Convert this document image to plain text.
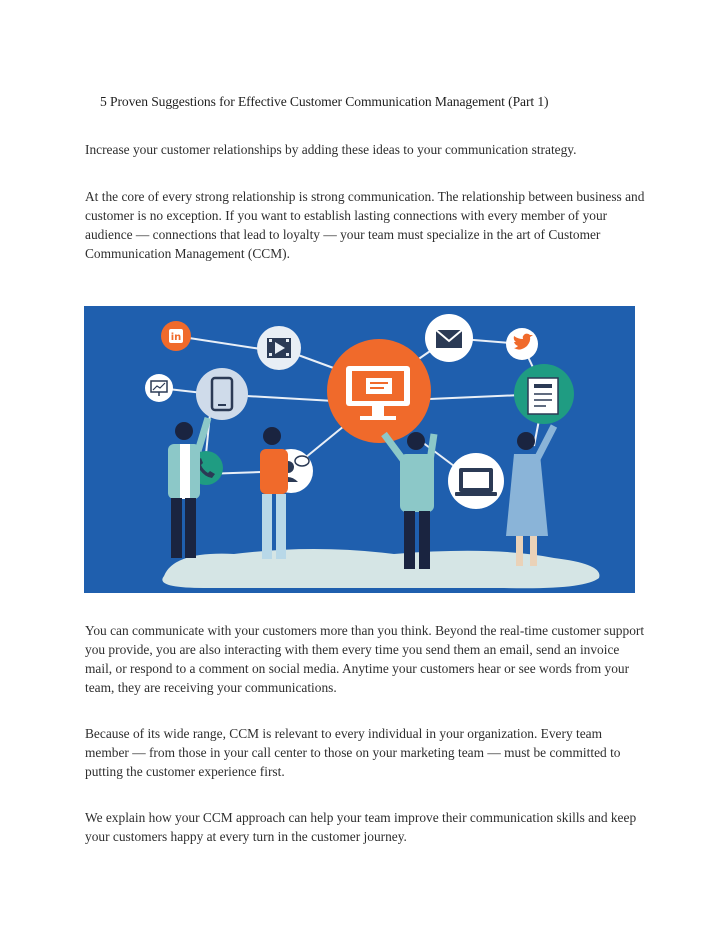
5 Proven Suggestions for Effective Customer Communication Management (Part 1)

Increase your customer relationships by adding these ideas to your communication strategy.

At the core of every strong relationship is strong communication. The relationship between business and customer is no exception. If you want to establish lasting connections with every member of your audience — connections that lead to loyalty — your team must specialize in the art of Customer Communication Management (CCM).

in

You can communicate with your customers more than you think. Beyond the real-time customer support you provide, you are also interacting with them every time you send them an email, send an invoice mail, or respond to a comment on social media. Anytime your customers hear or see words from your team, they are receiving your communications.

Because of its wide range, CCM is relevant to every individual in your organization. Every team member — from those in your call center to those on your marketing team — must be committed to putting the customer experience first.

We explain how your CCM approach can help your team improve their communication skills and keep your customers happy at every turn in the customer journey.
